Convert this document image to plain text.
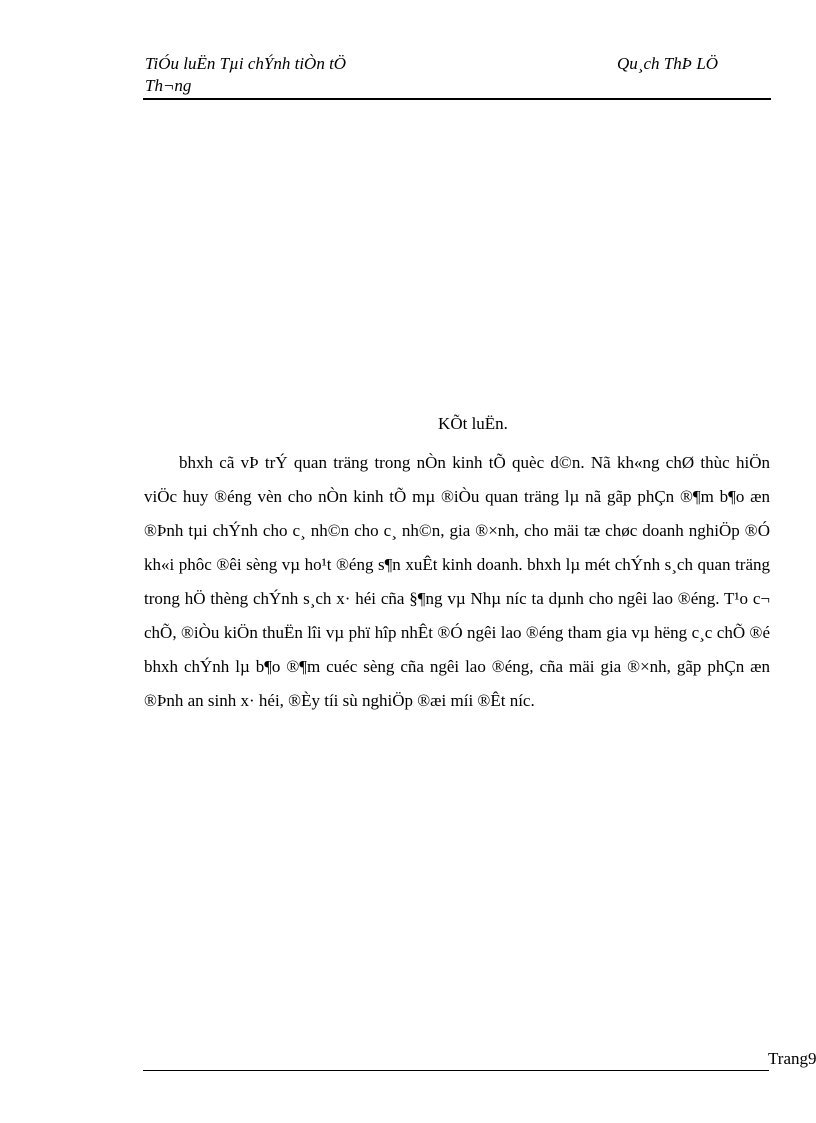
TiÓu luËn Tµi chÝnh tiÒn tÖ
Th¬ng
Qu¸ch ThÞ LÖ
KÕt luËn.

bhxh cã vÞ trÝ quan träng trong nÒn kinh tÕ quèc d©n. Nã kh«ng chØ thùc hiÖn viÖc huy ®éng vèn cho nÒn kinh tÕ mµ ®iÒu quan träng lµ nã gãp phÇn ®¶m b¶o æn ®Þnh tµi chÝnh cho c¸ nh©n cho c¸ nh©n, gia ®×nh, cho mäi tæ chøc doanh nghiÖp ®Ó kh«i phôc ®êi sèng vµ ho¹t ®éng s¶n xuÊt kinh doanh. bhxh lµ mét chÝnh s¸ch quan träng trong hÖ thèng chÝnh s¸ch x· héi cña §¶ng vµ Nhµ níc ta dµnh cho ngêi lao ®éng. T¹o c¬ chÕ, ®iÒu kiÖn thuËn lîi vµ phï hîp nhÊt ®Ó ngêi lao ®éng tham gia vµ hëng c¸c chÕ ®é bhxh chÝnh lµ b¶o ®¶m cuéc sèng cña ngêi lao ®éng, cña mäi gia ®×nh, gãp phÇn æn ®Þnh an sinh x· héi, ®Èy tíi sù nghiÖp ®æi míi ®Êt níc.

Trang9
